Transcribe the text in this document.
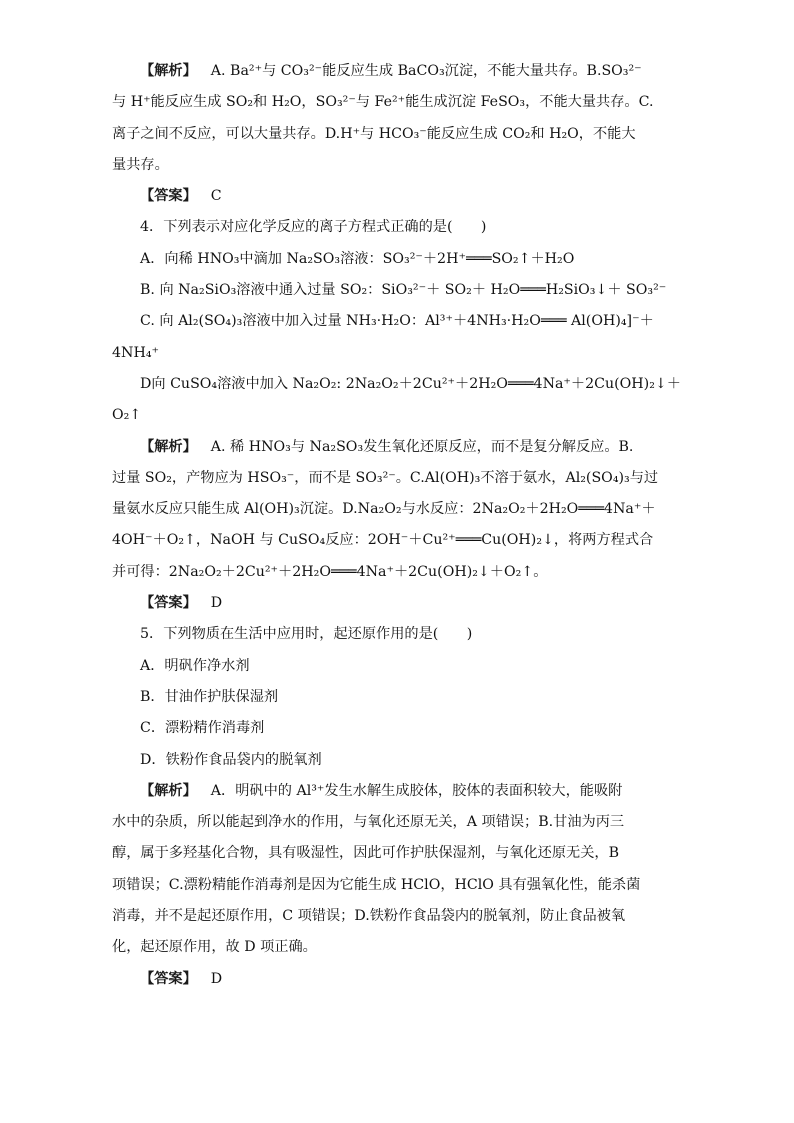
【解析】 A. Ba²⁺与 CO₃²⁻能反应生成 BaCO₃沉淀，不能大量共存。B.SO₃²⁻

与 H⁺能反应生成 SO₂和 H₂O，SO₃²⁻与 Fe²⁺能生成沉淀 FeSO₃，不能大量共存。C.

离子之间不反应，可以大量共存。D.H⁺与 HCO₃⁻能反应生成 CO₂和 H₂O，不能大

量共存。

【答案】 C

4．下列表示对应化学反应的离子方程式正确的是(　　)

A．向稀 HNO₃中滴加 Na₂SO₃溶液：SO₃²⁻＋2H⁺═══SO₂↑＋H₂O

B. 向 Na₂SiO₃溶液中通入过量 SO₂：SiO₃²⁻＋ SO₂＋ H₂O═══H₂SiO₃↓＋ SO₃²⁻

C. 向 Al₂(SO₄)₃溶液中加入过量 NH₃·H₂O：Al³⁺＋4NH₃·H₂O═══ Al(OH)₄]⁻＋

4NH₄⁺

D向 CuSO₄溶液中加入 Na₂O₂: 2Na₂O₂＋2Cu²⁺＋2H₂O═══4Na⁺＋2Cu(OH)₂↓＋

O₂↑

【解析】 A. 稀 HNO₃与 Na₂SO₃发生氧化还原反应，而不是复分解反应。B.

过量 SO₂，产物应为 HSO₃⁻，而不是 SO₃²⁻。C.Al(OH)₃不溶于氨水，Al₂(SO₄)₃与过

量氨水反应只能生成 Al(OH)₃沉淀。D.Na₂O₂与水反应：2Na₂O₂＋2H₂O═══4Na⁺＋

4OH⁻＋O₂↑，NaOH 与 CuSO₄反应：2OH⁻＋Cu²⁺═══Cu(OH)₂↓，将两方程式合

并可得：2Na₂O₂＋2Cu²⁺＋2H₂O═══4Na⁺＋2Cu(OH)₂↓＋O₂↑。

【答案】 D

5．下列物质在生活中应用时，起还原作用的是(　　)

A．明矾作净水剂

B．甘油作护肤保湿剂

C．漂粉精作消毒剂

D．铁粉作食品袋内的脱氧剂

【解析】 A．明矾中的 Al³⁺发生水解生成胶体，胶体的表面积较大，能吸附

水中的杂质，所以能起到净水的作用，与氧化还原无关，A 项错误；B.甘油为丙三

醇，属于多羟基化合物，具有吸湿性，因此可作护肤保湿剂，与氧化还原无关，B

项错误；C.漂粉精能作消毒剂是因为它能生成 HClO，HClO 具有强氧化性，能杀菌

消毒，并不是起还原作用，C 项错误；D.铁粉作食品袋内的脱氧剂，防止食品被氧

化，起还原作用，故 D 项正确。

【答案】 D
